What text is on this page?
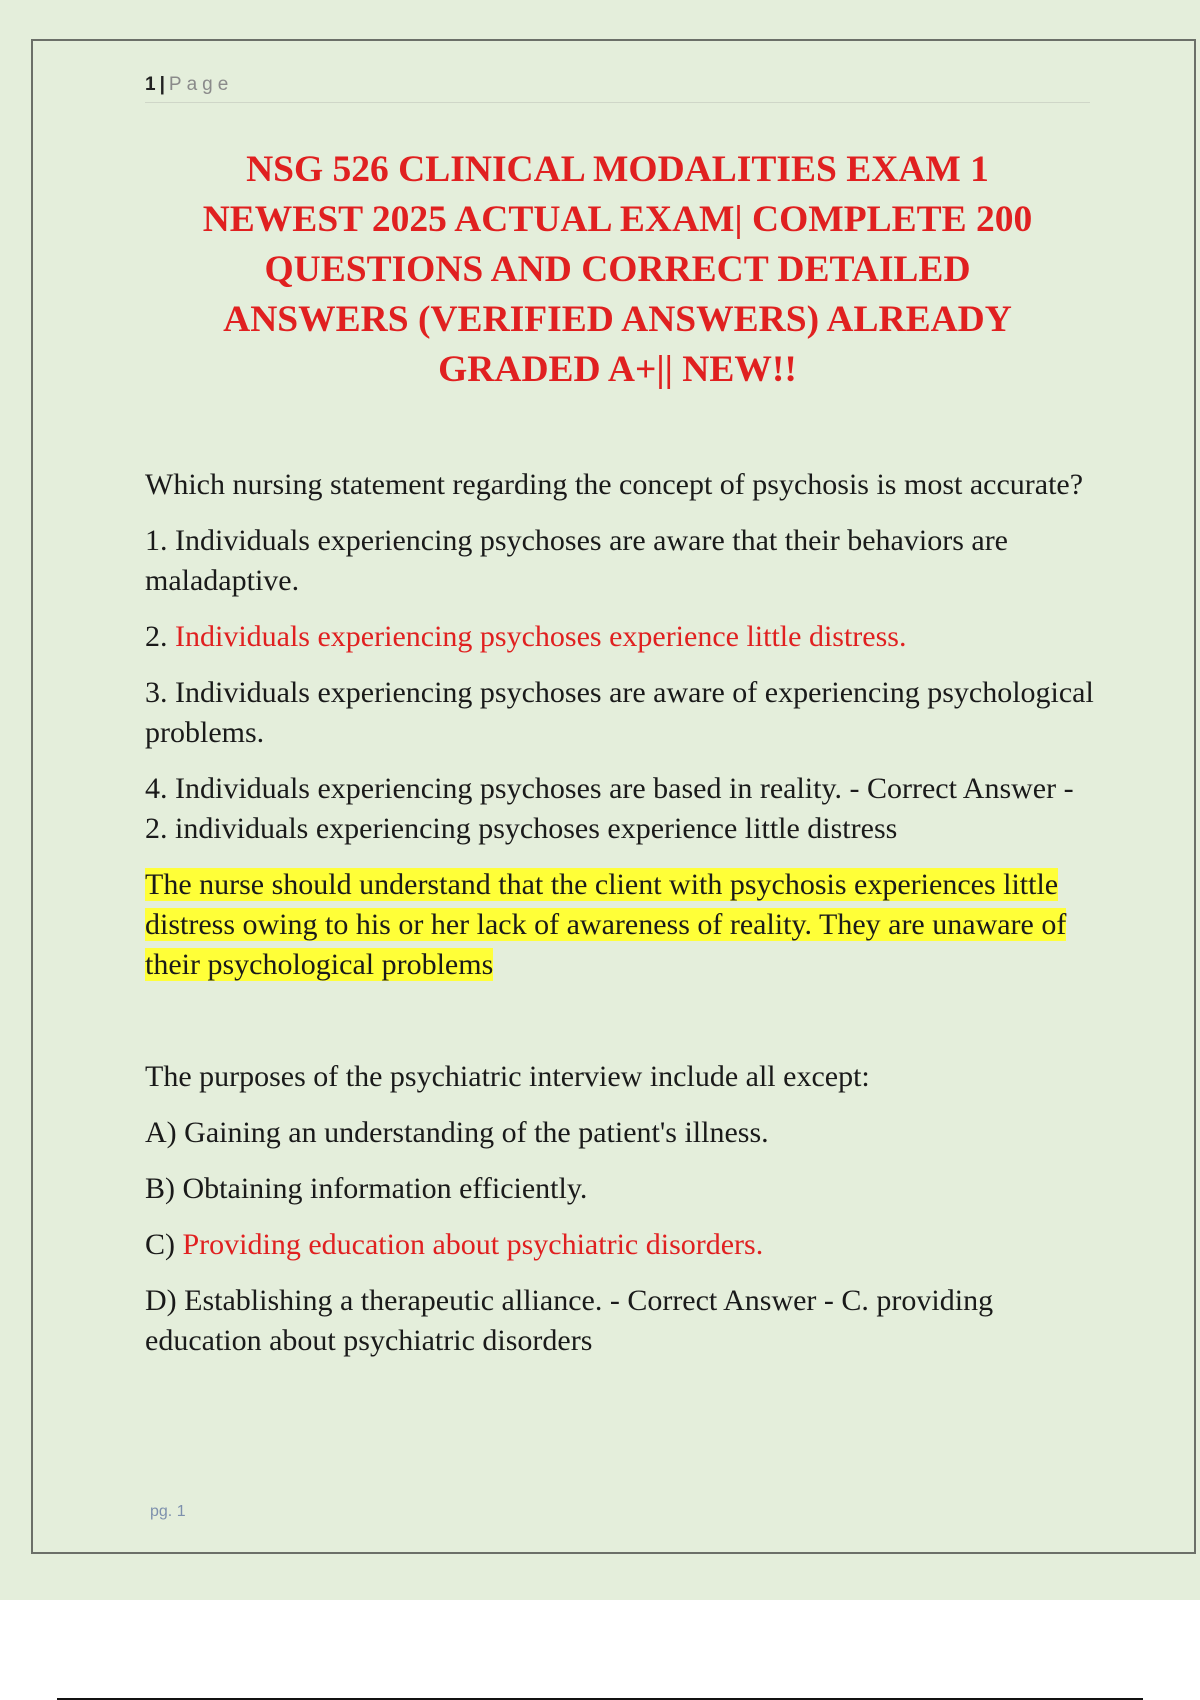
1 | Page
NSG 526 CLINICAL MODALITIES EXAM 1
NEWEST 2025 ACTUAL EXAM| COMPLETE 200
QUESTIONS AND CORRECT DETAILED
ANSWERS (VERIFIED ANSWERS) ALREADY
GRADED A+|| NEW!!

Which nursing statement regarding the concept of psychosis is most accurate?

1. Individuals experiencing psychoses are aware that their behaviors are maladaptive.

2. Individuals experiencing psychoses experience little distress.

3. Individuals experiencing psychoses are aware of experiencing psychological problems.

4. Individuals experiencing psychoses are based in reality. - Correct Answer - 2. individuals experiencing psychoses experience little distress

The nurse should understand that the client with psychosis experiences little distress owing to his or her lack of awareness of reality. They are unaware of their psychological problems

The purposes of the psychiatric interview include all except:

A) Gaining an understanding of the patient's illness.

B) Obtaining information efficiently.

C) Providing education about psychiatric disorders.

D) Establishing a therapeutic alliance. - Correct Answer - C. providing education about psychiatric disorders

pg. 1
